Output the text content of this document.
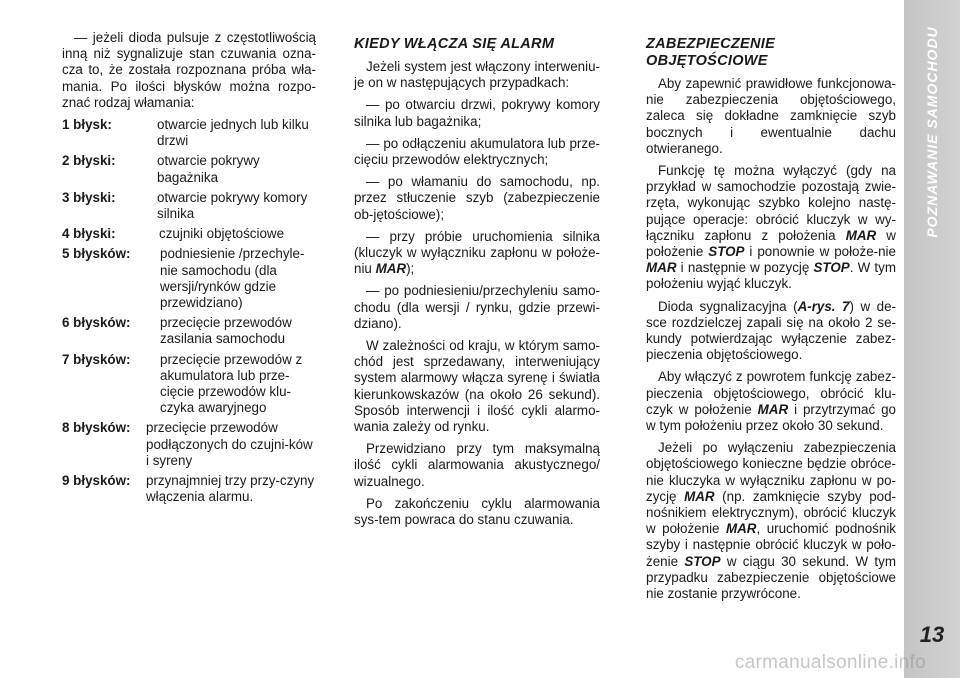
— jeżeli dioda pulsuje z częstotliwością inną niż sygnalizuje stan czuwania ozna-cza to, że została rozpoznana próba wła-mania. Po ilości błysków można rozpo-znać rodzaj włamania:

1 błysk:	otwarcie jednych lub kilku drzwi
2 błyski:	otwarcie pokrywy bagażnika
3 błyski:	otwarcie pokrywy komory silnika
4 błyski:	czujniki objętościowe
5 błysków:	podniesienie /przechyle-nie samochodu (dla wersji/rynków gdzie przewidziano)
6 błysków:	przecięcie przewodów zasilania samochodu
7 błysków:	przecięcie przewodów z akumulatora lub prze-cięcie przewodów klu-czyka awaryjnego
8 błysków:	przecięcie przewodów podłączonych do czujni-ków i syreny
9 błysków:	przynajmniej trzy przy-czyny włączenia alarmu.
KIEDY WŁĄCZA SIĘ ALARM

Jeżeli system jest włączony interweniu-je on w następujących przypadkach:

— po otwarciu drzwi, pokrywy komory silnika lub bagażnika;

— po odłączeniu akumulatora lub prze-cięciu przewodów elektrycznych;

— po włamaniu do samochodu, np. przez stłuczenie szyb (zabezpieczenie ob-jętościowe);

— przy próbie uruchomienia silnika (kluczyk w wyłączniku zapłonu w położe-niu MAR);

— po podniesieniu/przechyleniu samo-chodu (dla wersji / rynku, gdzie przewi-dziano).

W zależności od kraju, w którym samo-chód jest sprzedawany, interweniujący system alarmowy włącza syrenę i światła kierunkowskazów (na około 26 sekund). Sposób interwencji i ilość cykli alarmo-wania zależy od rynku.

Przewidziano przy tym maksymalną ilość cykli alarmowania akustycznego/ wizualnego.

Po zakończeniu cyklu alarmowania sys-tem powraca do stanu czuwania.

ZABEZPIECZENIE
OBJĘTOŚCIOWE

Aby zapewnić prawidłowe funkcjonowa-nie zabezpieczenia objętościowego, zaleca się dokładne zamknięcie szyb bocznych i ewentualnie dachu otwieranego.

Funkcję tę można wyłączyć (gdy na przykład w samochodzie pozostają zwie-rzęta, wykonując szybko kolejno nastę-pujące operacje: obrócić kluczyk w wy-łączniku zapłonu z położenia MAR w położenie STOP i ponownie w położe-nie MAR i następnie w pozycję STOP. W tym położeniu wyjąć kluczyk.

Dioda sygnalizacyjna (A-rys. 7) w de-sce rozdzielczej zapali się na około 2 se-kundy potwierdzając wyłączenie zabez-pieczenia objętościowego.

Aby włączyć z powrotem funkcję zabez-pieczenia objętościowego, obrócić klu-czyk w położenie MAR i przytrzymać go w tym położeniu przez około 30 sekund.

Jeżeli po wyłączeniu zabezpieczenia objętościowego konieczne będzie obróce-nie kluczyka w wyłączniku zapłonu w po-zycję MAR (np. zamknięcie szyby pod-nośnikiem elektrycznym), obrócić kluczyk w położenie MAR, uruchomić podnośnik szyby i następnie obrócić kluczyk w poło-żenie STOP w ciągu 30 sekund. W tym przypadku zabezpieczenie objętościowe nie zostanie przywrócone.

POZNAWANIE SAMOCHODU
13
carmanualsonline.info
